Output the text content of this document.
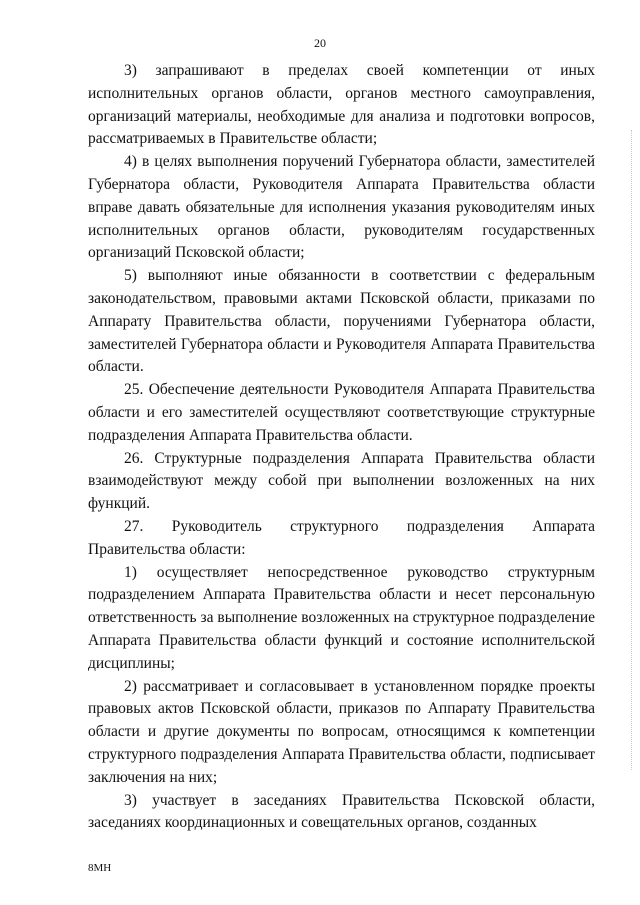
20

3) запрашивают в пределах своей компетенции от иных исполнительных органов области, органов местного самоуправления, организаций материалы, необходимые для анализа и подготовки вопросов, рассматриваемых в Правительстве области;

4) в целях выполнения поручений Губернатора области, заместителей Губернатора области, Руководителя Аппарата Правительства области вправе давать обязательные для исполнения указания руководителям иных исполнительных органов области, руководителям государственных организаций Псковской области;

5) выполняют иные обязанности в соответствии с федеральным законодательством, правовыми актами Псковской области, приказами по Аппарату Правительства области, поручениями Губернатора области, заместителей Губернатора области и Руководителя Аппарата Правительства области.

25. Обеспечение деятельности Руководителя Аппарата Правительства области и его заместителей осуществляют соответствующие структурные подразделения Аппарата Правительства области.

26. Структурные подразделения Аппарата Правительства области взаимодействуют между собой при выполнении возложенных на них функций.

27. Руководитель структурного подразделения Аппарата Правительства области:

1) осуществляет непосредственное руководство структурным подразделением Аппарата Правительства области и несет персональную ответственность за выполнение возложенных на структурное подразделение Аппарата Правительства области функций и состояние исполнительской дисциплины;

2) рассматривает и согласовывает в установленном порядке проекты правовых актов Псковской области, приказов по Аппарату Правительства области и другие документы по вопросам, относящимся к компетенции структурного подразделения Аппарата Правительства области, подписывает заключения на них;

3) участвует в заседаниях Правительства Псковской области, заседаниях координационных и совещательных органов, созданных

8МН
